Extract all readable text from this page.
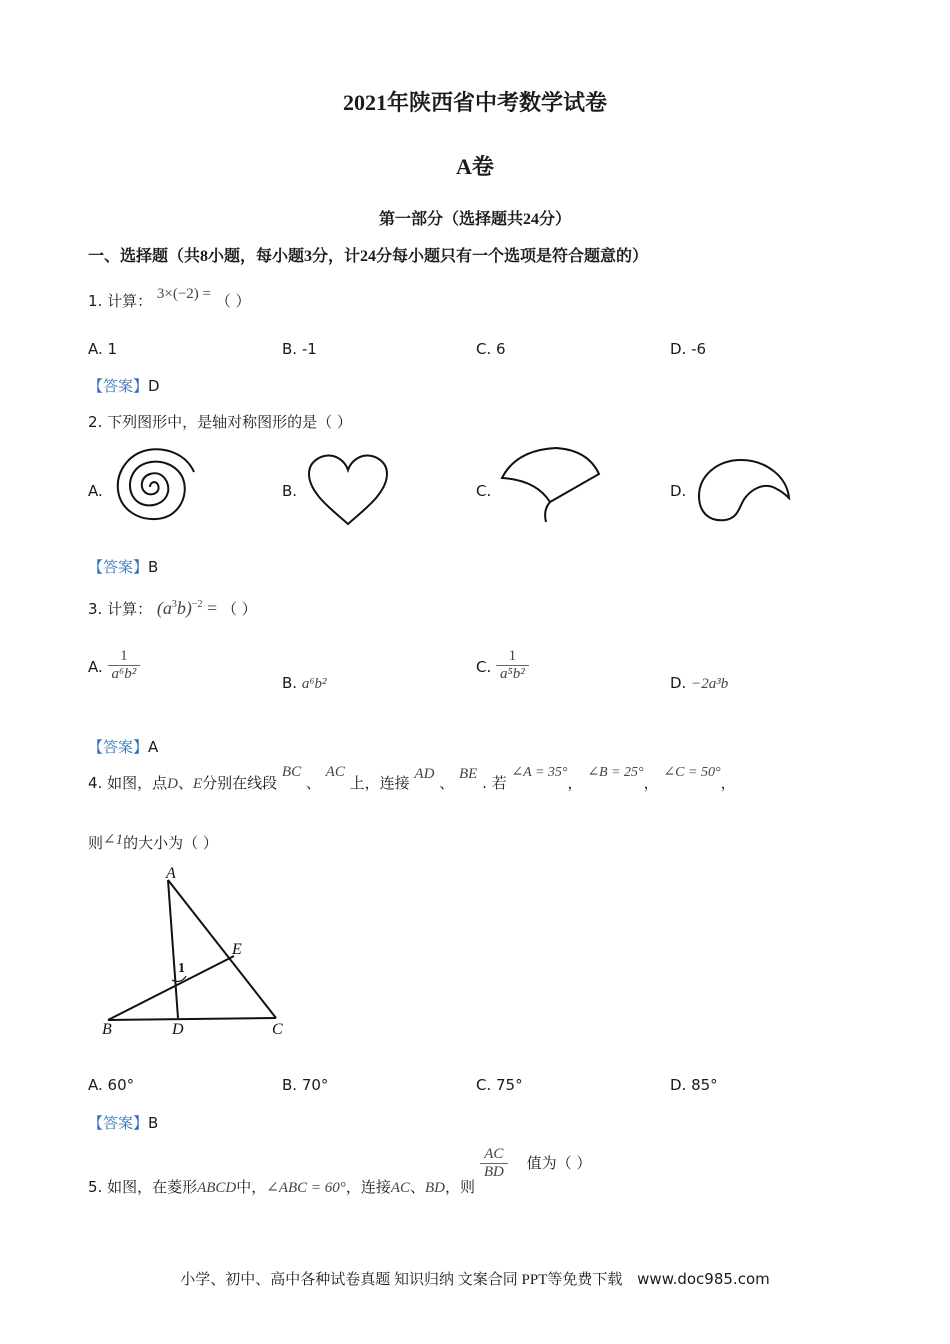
2021年陕西省中考数学试卷
A卷
第一部分（选择题共24分）
一、选择题（共8小题，每小题3分，计24分每小题只有一个选项是符合题意的）
1. 计算： 3×(−2) = （ ）
A. 1	B. -1	C. 6	D. -6
【答案】D
2. 下列图形中，是轴对称图形的是（ ）
A.	B.	C.	D.
【答案】B
3. 计算： $(a^3b)^{-2}$ = （ ）
A. $\frac{1}{\text{a⁶b²}}$	B. a⁶b²
C. $\frac{1}{\text{a⁵b²}}$	D. −2a³b
【答案】A
4. 如图，点D、E分别在线段 BC 、 AC 上，连接 AD 、 BE . 若 ∠A = 35°， ∠B = 25°， ∠C = 50°，
则∠1的大小为（ ）
A
E
1
B	D	C
A. 60°	B. 70°	C. 75°	D. 85°
【答案】B
5. 如图，在菱形ABCD中，∠ABC = 60°，连接AC、BD，则
$\frac{AC}{BD}$ 值为（ ）
小学、初中、高中各种试卷真题 知识归纳 文案合同 PPT等免费下载 www.doc985.com
